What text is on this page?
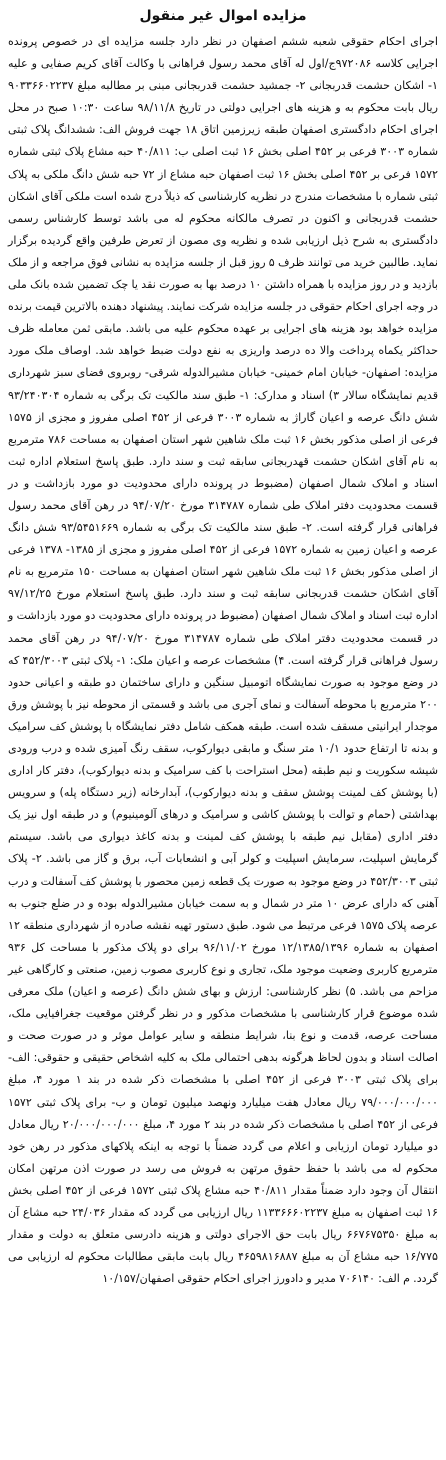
مزایده اموال غیر منقول

اجرای احکام حقوقی شعبه ششم اصفهان در نظر دارد جلسه مزایده ای در خصوص پرونده اجرایی کلاسه ۹۷۲۰۸۶ج/اول له آقای محمد رسول فراهانی با وکالت آقای کریم صفایی و علیه ۱- اشکان حشمت قدربجانی ۲- جمشید حشمت قدربجانی مبنی بر مطالبه مبلغ ۹۰۳۳۶۶۰۲۲۳۷ ریال بابت محکوم به و هزینه های اجرایی دولتی در تاریخ ۹۸/۱۱/۸ ساعت ۱۰:۳۰ صبح در محل اجرای احکام دادگستری اصفهان طبقه زیرزمین اتاق ۱۸ جهت فروش الف: ششدانگ پلاک ثبتی شماره ۳۰۰۳ فرعی بر ۴۵۲ اصلی بخش ۱۶ ثبت اصلی ب: ۴۰/۸۱۱ حبه مشاع پلاک ثبتی شماره ۱۵۷۲ فرعی بر ۴۵۲ اصلی بخش ۱۶ ثبت اصفهان حبه مشاع از ۷۲ حبه شش دانگ ملکی به پلاک ثبتی شماره با مشخصات مندرج در نظریه کارشناسی که ذیلاً درج شده است ملکی آقای اشکان حشمت قدربجانی و اکنون در تصرف مالکانه محکوم له می باشد توسط کارشناس رسمی دادگستری به شرح ذیل ارزیابی شده و نظریه وی مصون از تعرض طرفین واقع گردیده برگزار نماید. طالبین خرید می توانند ظرف ۵ روز قبل از جلسه مزایده به نشانی فوق مراجعه و از ملک بازدید و در روز مزایده با همراه داشتن ۱۰ درصد بها به صورت نقد یا چک تضمین شده بانک ملی در وجه اجرای احکام حقوقی در جلسه مزایده شرکت نمایند. پیشنهاد دهنده بالاترین قیمت برنده مزایده خواهد بود هزینه های اجرایی بر عهده محکوم علیه می باشد. مابقی ثمن معامله ظرف حداکثر یکماه پرداخت والا ده درصد واریزی به نفع دولت ضبط خواهد شد. اوصاف ملک مورد مزایده: اصفهان- خیابان امام خمینی- خیابان مشیرالدوله شرقی- روبروی فضای سبز شهرداری قدیم نمایشگاه سالار ۳) اسناد و مدارک: ۱- طبق سند مالکیت تک برگی به شماره ۹۳/۲۴۰۳۰۴ شش دانگ عرصه و اعیان گاراژ به شماره ۳۰۰۳ فرعی از ۴۵۲ اصلی مفروز و مجزی از ۱۵۷۵ فرعی از اصلی مذکور بخش ۱۶ ثبت ملک شاهین شهر استان اصفهان به مساحت ۷۸۶ مترمربع به نام آقای اشکان حشمت قهدربجانی سابقه ثبت و سند دارد. طبق پاسخ استعلام اداره ثبت اسناد و املاک شمال اصفهان (مضبوط در پرونده دارای محدودیت دو مورد بازداشت و در قسمت محدودیت دفتر املاک طی شماره ۳۱۴۷۸۷ مورخ ۹۴/۰۷/۲۰ در رهن آقای محمد رسول فراهانی قرار گرفته است. ۲- طبق سند مالکیت تک برگی به شماره ۹۳/۵۴۵۱۶۶۹ شش دانگ عرصه و اعیان زمین به شماره ۱۵۷۲ فرعی از ۴۵۲ اصلی مفروز و مجزی از ۱۳۸۵- ۱۳۷۸ فرعی از اصلی مذکور بخش ۱۶ ثبت ملک شاهین شهر استان اصفهان به مساحت ۱۵۰ مترمربع به نام آقای اشکان حشمت قدربجانی سابقه ثبت و سند دارد. طبق پاسخ استعلام مورخ ۹۷/۱۲/۲۵ اداره ثبت اسناد و املاک شمال اصفهان (مضبوط در پرونده دارای محدودیت دو مورد بازداشت و در قسمت محدودیت دفتر املاک طی شماره ۳۱۴۷۸۷ مورخ ۹۴/۰۷/۲۰ در رهن آقای محمد رسول فراهانی قرار گرفته است. ۴) مشخصات عرصه و اعیان ملک: ۱- پلاک ثبتی ۴۵۲/۳۰۰۳ که در وضع موجود به صورت نمایشگاه اتومبیل سنگین و دارای ساختمان دو طبقه و اعیانی حدود ۲۰۰ مترمربع با محوطه آسفالت و نمای آجری می باشد و قسمتی از محوطه نیز با پوشش ورق موجدار ایرانیتی مسقف شده است. طبقه همکف شامل دفتر نمایشگاه با پوشش کف سرامیک و بدنه تا ارتفاع حدود ۱۰/۱ متر سنگ و مابقی دیوارکوب، سقف رنگ آمیزی شده و درب ورودی شیشه سکوریت و نیم طبقه (محل استراحت با کف سرامیک و بدنه دیوارکوب)، دفتر کار اداری (با پوشش کف لمینت پوشش سقف و بدنه دیوارکوب)، آبدارخانه (زیر دستگاه پله) و سرویس بهداشتی (حمام و توالت با پوشش کاشی و سرامیک و درهای آلومینیوم) و در طبقه اول نیز یک دفتر اداری (مقابل نیم طبقه با پوشش کف لمینت و بدنه کاغذ دیواری می باشد. سیستم گرمایش اسپلیت، سرمایش اسپلیت و کولر آبی و انشعابات آب، برق و گاز می باشد. ۲- پلاک ثبتی ۴۵۲/۳۰۰۳ در وضع موجود به صورت یک قطعه زمین محصور با پوشش کف آسفالت و درب آهنی که دارای عرض ۱۰ متر در شمال و به سمت خیابان مشیرالدوله بوده و در ضلع جنوب به عرصه پلاک ۱۵۷۵ فرعی مرتبط می شود. طبق دستور تهیه نقشه صادره از شهرداری منطقه ۱۲ اصفهان به شماره ۱۲/۱۳۸۵/۱۳۹۶ مورخ ۹۶/۱۱/۰۲ برای دو پلاک مذکور با مساحت کل ۹۳۶ مترمربع کاربری وضعیت موجود ملک، تجاری و نوع کاربری مصوب زمین، صنعتی و کارگاهی غیر مزاحم می باشد. ۵) نظر کارشناسی: ارزش و بهای شش دانگ (عرصه و اعیان) ملک معرفی شده موضوع قرار کارشناسی با مشخصات مذکور و در نظر گرفتن موقعیت جغرافیایی ملک، مساحت عرصه، قدمت و نوع بنا، شرایط منطقه و سایر عوامل موثر و در صورت صحت و اصالت اسناد و بدون لحاظ هرگونه بدهی احتمالی ملک به کلیه اشخاص حقیقی و حقوقی: الف- برای پلاک ثبتی ۳۰۰۳ فرعی از ۴۵۲ اصلی با مشخصات ذکر شده در بند ۱ مورد ۴، مبلغ ۷۹/۰۰۰/۰۰۰/۰۰۰ ریال معادل هفت میلیارد ونهصد میلیون تومان و ب- برای پلاک ثبتی ۱۵۷۲ فرعی از ۴۵۲ اصلی با مشخصات ذکر شده در بند ۲ مورد ۴، مبلغ ۲۰/۰۰۰/۰۰۰/۰۰۰ ریال معادل دو میلیارد تومان ارزیابی و اعلام می گردد ضمناً با توجه به اینکه پلاکهای مذکور در رهن خود محکوم له می باشد با حفظ حقوق مرتهن به فروش می رسد در صورت اذن مرتهن امکان انتقال آن وجود دارد ضمناً مقدار ۴۰/۸۱۱ حبه مشاع پلاک ثبتی ۱۵۷۲ فرعی از ۴۵۲ اصلی بخش ۱۶ ثبت اصفهان به مبلغ ۱۱۳۳۶۶۶۰۲۲۳۷ ریال ارزیابی می گردد که مقدار ۲۴/۰۳۶ حبه مشاع آن به مبلغ ۶۶۷۶۷۵۳۵۰ ریال بابت حق الاجرای دولتی و هزینه دادرسی متعلق به دولت و مقدار ۱۶/۷۷۵ حبه مشاع آن به مبلغ ۴۶۵۹۸۱۶۸۸۷ ریال بابت مابقی مطالبات محکوم له ارزیابی می گردد. م الف: ۷۰۶۱۴۰ مدیر و دادورز اجرای احکام حقوقی اصفهان/۱۰/۱۵۷
